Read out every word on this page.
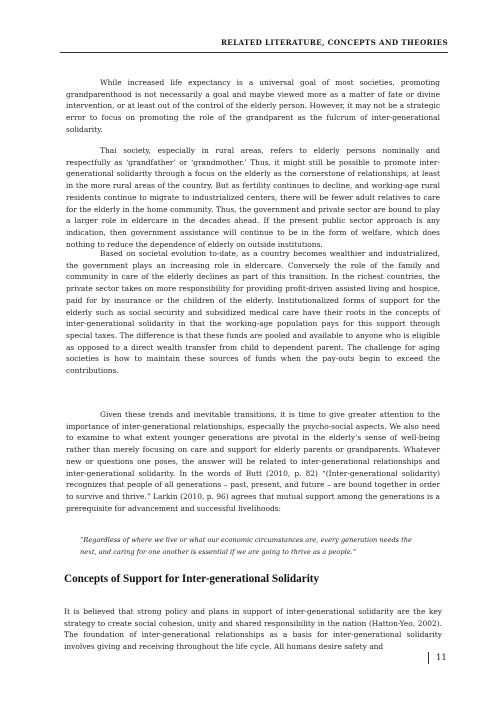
RELATED LITERATURE, CONCEPTS AND THEORIES

While increased life expectancy is a universal goal of most societies, promoting grandparenthood is not necessarily a goal and maybe viewed more as a matter of fate or divine intervention, or at least out of the control of the elderly person. However, it may not be a strategic error to focus on promoting the role of the grandparent as the fulcrum of inter-generational solidarity.

Thai society, especially in rural areas, refers to elderly persons nominally and respectfully as ‘grandfather’ or ‘grandmother.’ Thus, it might still be possible to promote inter-generational solidarity through a focus on the elderly as the cornerstone of relationships, at least in the more rural areas of the country. But as fertility continues to decline, and working-age rural residents continue to migrate to industrialized centers, there will be fewer adult relatives to care for the elderly in the home community. Thus, the government and private sector are bound to play a larger role in eldercare in the decades ahead. If the present public sector approach is any indication, then government assistance will continue to be in the form of welfare, which does nothing to reduce the dependence of elderly on outside institutions.

Based on societal evolution to-date, as a country becomes wealthier and industrialized, the government plays an increasing role in eldercare. Conversely the role of the family and community in care of the elderly declines as part of this transition. In the richest countries, the private sector takes on more responsibility for providing profit-driven assisted living and hospice, paid for by insurance or the children of the elderly. Institutionalized forms of support for the elderly such as social security and subsidized medical care have their roots in the concepts of inter-generational solidarity in that the working-age population pays for this support through special taxes. The difference is that these funds are pooled and available to anyone who is eligible as opposed to a direct wealth transfer from child to dependent parent. The challenge for aging societies is how to maintain these sources of funds when the pay-outs begin to exceed the contributions.

Given these trends and inevitable transitions, it is time to give greater attention to the importance of inter-generational relationships, especially the psycho-social aspects. We also need to examine to what extent younger generations are pivotal in the elderly’s sense of well-being rather than merely focusing on care and support for elderly parents or grandparents. Whatever new or questions one poses, the answer will be related to inter-generational relationships and inter-generational solidarity. In the words of Butt (2010, p. 82) “(Inter-generational solidarity) recognizes that people of all generations – past, present, and future – are bound together in order to survive and thrive.” Larkin (2010, p. 96) agrees that mutual support among the generations is a prerequisite for advancement and successful livelihoods:

“Regardless of where we live or what our economic circumstances are, every generation needs the next, and caring for one another is essential if we are going to thrive as a people.”

Concepts of Support for Inter-generational Solidarity

It is believed that strong policy and plans in support of inter-generational solidarity are the key strategy to create social cohesion, unity and shared responsibility in the nation (Hatton-Yeo, 2002). The foundation of inter-generational relationships as a basis for inter-generational solidarity involves giving and receiving throughout the life cycle. All humans desire safety and

11
